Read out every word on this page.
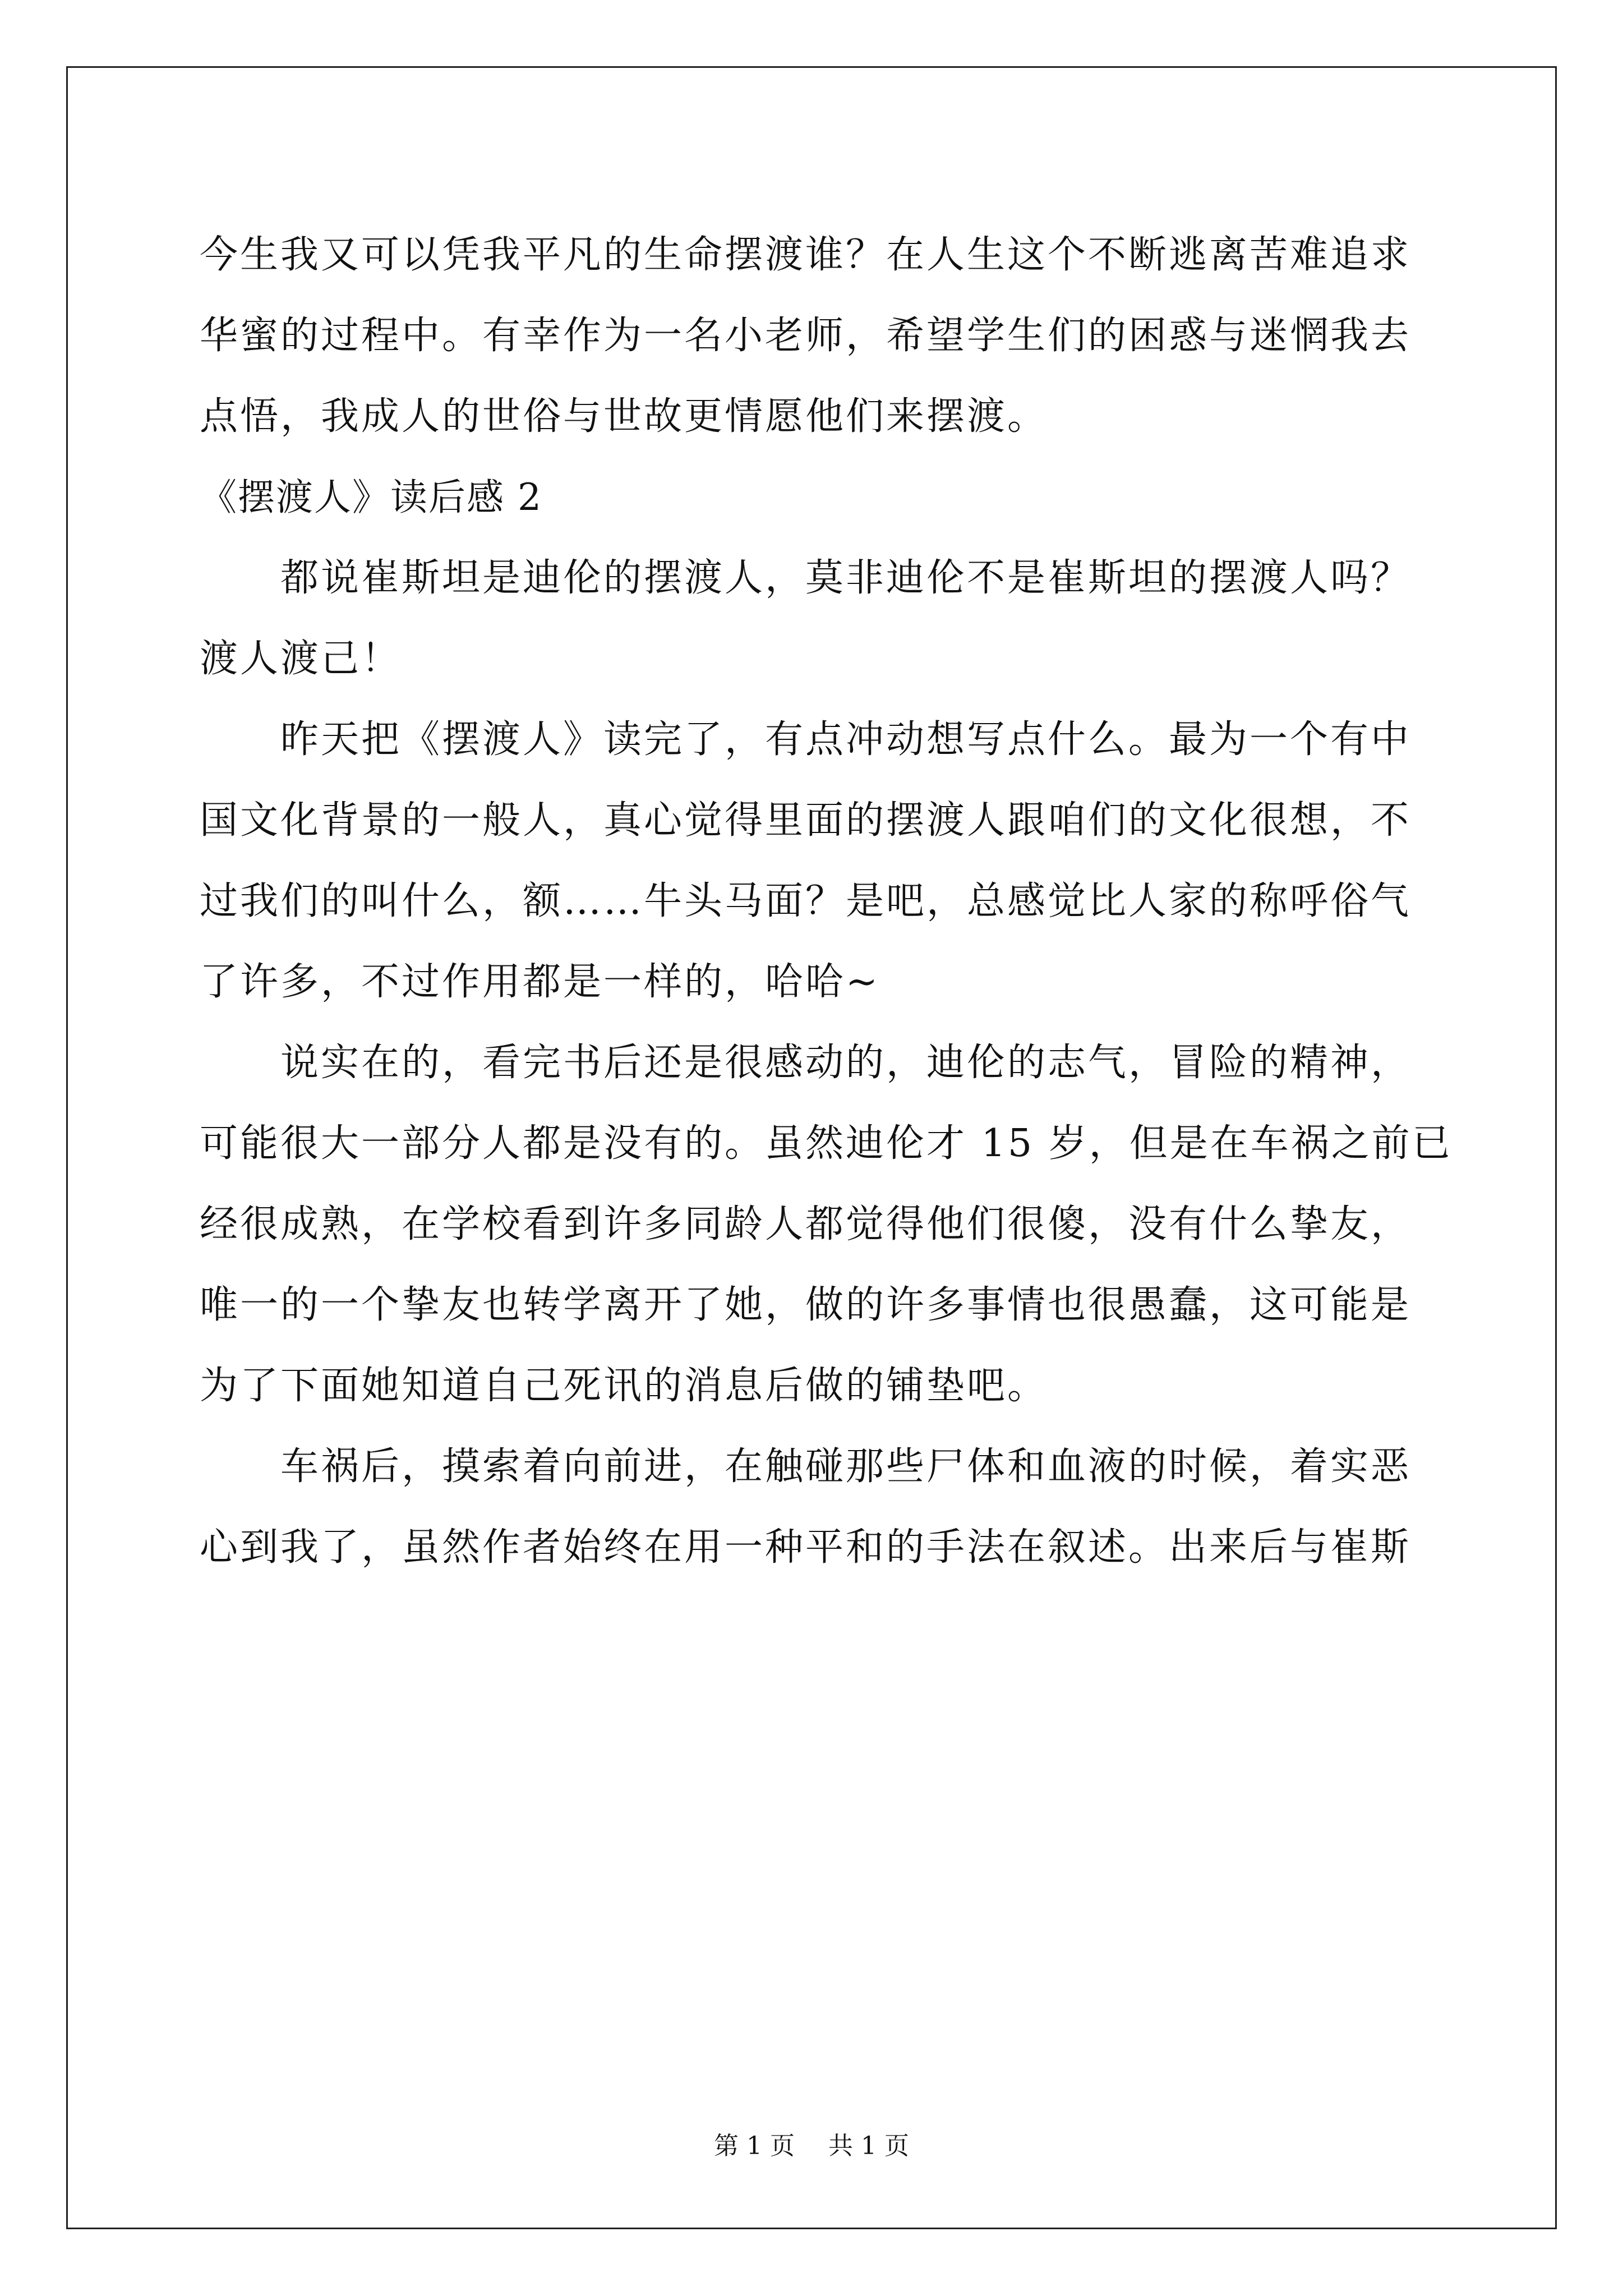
今生我又可以凭我平凡的生命摆渡谁？在人生这个不断逃离苦难追求
华蜜的过程中。有幸作为一名小老师，希望学生们的困惑与迷惘我去
点悟，我成人的世俗与世故更情愿他们来摆渡。
《摆渡人》读后感 2
都说崔斯坦是迪伦的摆渡人，莫非迪伦不是崔斯坦的摆渡人吗？
渡人渡己！
昨天把《摆渡人》读完了，有点冲动想写点什么。最为一个有中
国文化背景的一般人，真心觉得里面的摆渡人跟咱们的文化很想，不
过我们的叫什么，额……牛头马面？是吧，总感觉比人家的称呼俗气
了许多，不过作用都是一样的，哈哈~
说实在的，看完书后还是很感动的，迪伦的志气，冒险的精神，
可能很大一部分人都是没有的。虽然迪伦才 15 岁，但是在车祸之前已
经很成熟，在学校看到许多同龄人都觉得他们很傻，没有什么挚友，
唯一的一个挚友也转学离开了她，做的许多事情也很愚蠢，这可能是
为了下面她知道自己死讯的消息后做的铺垫吧。
车祸后，摸索着向前进，在触碰那些尸体和血液的时候，着实恶
心到我了，虽然作者始终在用一种平和的手法在叙述。出来后与崔斯
第 1 页 共 1 页
